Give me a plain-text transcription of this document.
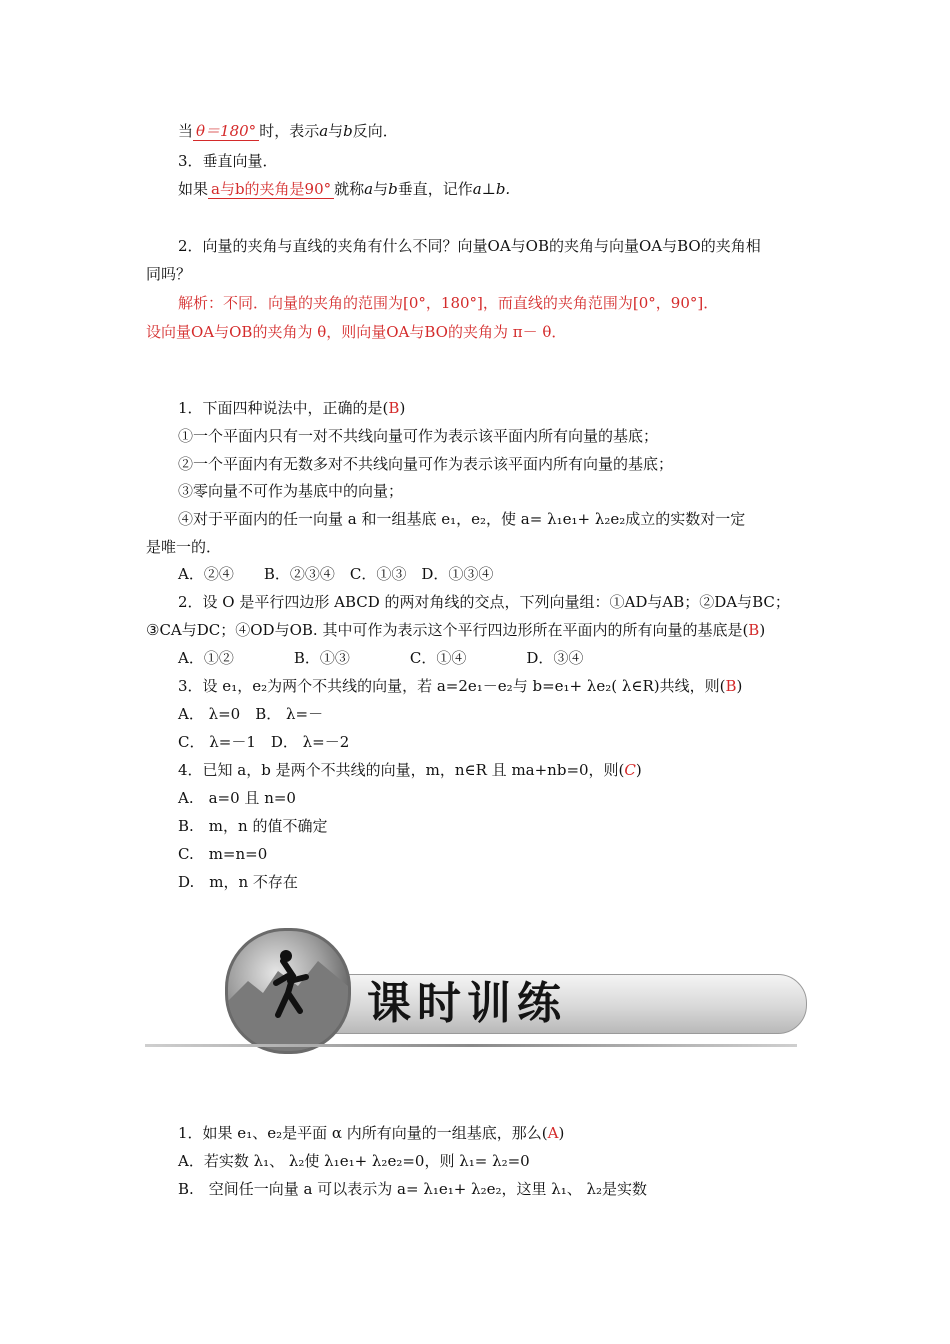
当 θ＝180° 时，表示a与b反向．
3．垂直向量．
如果 a与b的夹角是90° 就称a与b垂直，记作a⊥b.
2．向量的夹角与直线的夹角有什么不同？向量OA与OB的夹角与向量OA与BO的夹角相
同吗？
解析：不同．向量的夹角的范围为[0°，180°]，而直线的夹角范围为[0°，90°]．
设向量OA与OB的夹角为 θ，则向量OA与BO的夹角为 π－ θ．
1．下面四种说法中，正确的是(B)
①一个平面内只有一对不共线向量可作为表示该平面内所有向量的基底；
②一个平面内有无数多对不共线向量可作为表示该平面内所有向量的基底；
③零向量不可作为基底中的向量；
④对于平面内的任一向量 a 和一组基底 e₁，e₂，使 a= λ₁e₁+ λ₂e₂成立的实数对一定
是唯一的．
A．②④　　B．②③④　C．①③　D．①③④
2．设 O 是平行四边形 ABCD 的两对角线的交点，下列向量组：①AD与AB；②DA与BC；
③CA与DC；④OD与OB. 其中可作为表示这个平行四边形所在平面内的所有向量的基底是(B)
A．①②　　　　B．①③　　　　C．①④　　　　D．③④
3．设 e₁，e₂为两个不共线的向量，若 a=2e₁－e₂与 b=e₁+ λe₂( λ∈R)共线，则(B)
A． λ=0　B． λ=－
C． λ=－1　D． λ=－2
4．已知 a，b 是两个不共线的向量，m，n∈R 且 ma+nb=0，则(C)
A.　a=0 且 n=0
B.　m，n 的值不确定
C.　m=n=0
D.　m，n 不存在
课时训练
1．如果 e₁、e₂是平面 α 内所有向量的一组基底，那么(A)
A．若实数 λ₁、 λ₂使 λ₁e₁+ λ₂e₂=0，则 λ₁= λ₂=0
B.　空间任一向量 a 可以表示为 a= λ₁e₁+ λ₂e₂，这里 λ₁、 λ₂是实数
